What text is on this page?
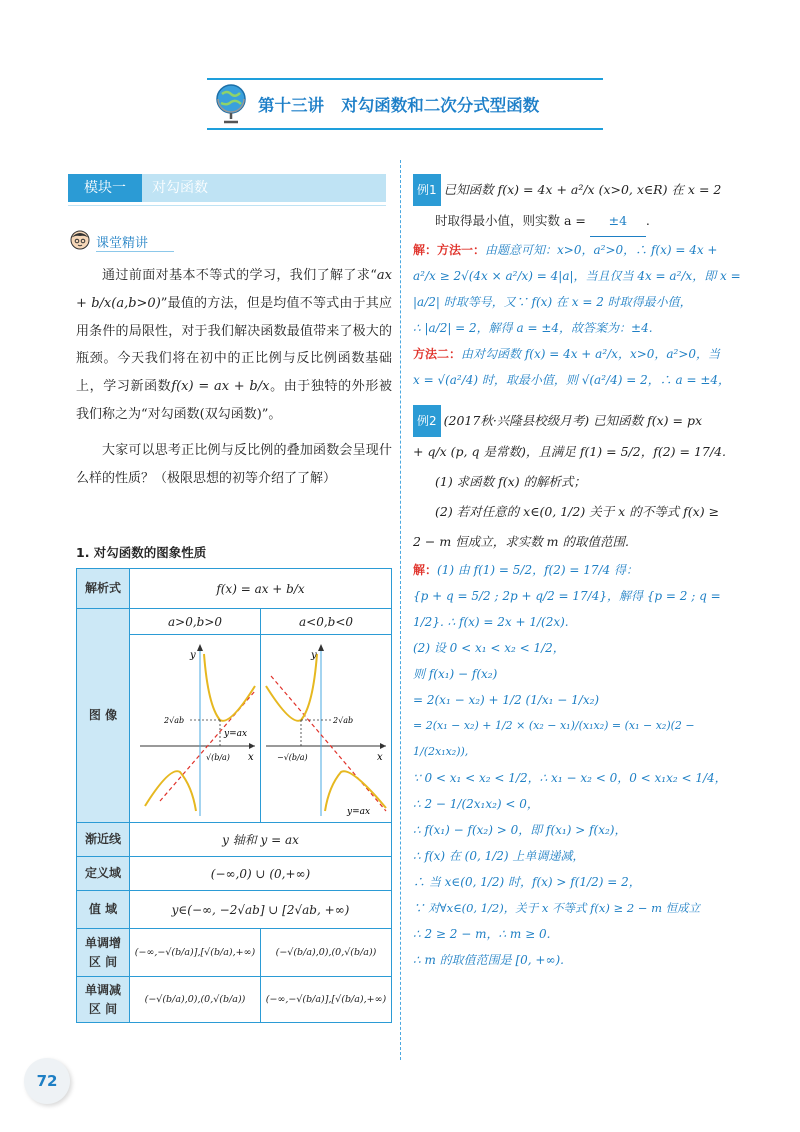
第十三讲   对勾函数和二次分式型函数
模块一	对勾函数
课堂精讲

通过前面对基本不等式的学习，我们了解了求“ax + b/x(a,b>0)”最值的方法，但是均值不等式由于其应用条件的局限性，对于我们解决函数最值带来了极大的瓶颈。今天我们将在初中的正比例与反比例函数基础上，学习新函数f(x) = ax + b/x。由于独特的外形被我们称之为“对勾函数(双勾函数)”。

大家可以思考正比例与反比例的叠加函数会呈现什么样的性质？（极限思想的初等介绍了了解）

1. 对勾函数的图象性质
解析式	f(x) = ax + b/x	
图 像	a>0,b>0	a<0,b<0

y
x
2√ab
y=ax
√(b/a)	y
x
2√ab
y=ax
−√(b/a)

渐近线	y 轴和 y = ax	
定义域	(−∞,0) ∪ (0,+∞)	
值 域	y∈(−∞, −2√ab] ∪ [2√ab, +∞)	
单调增
区 间	(−∞,−√(b/a)],[√(b/a),+∞)	(−√(b/a),0),(0,√(b/a))
单调减
区 间	(−√(b/a),0),(0,√(b/a))	(−∞,−√(b/a)],[√(b/a),+∞)
例1 已知函数 f(x) = 4x + a²/x (x>0, x∈R) 在 x = 2
时取得最小值，则实数 a = ±4 .
解：方法一：由题意可知：x>0，a²>0，∴ f(x) = 4x +
a²/x ≥ 2√(4x × a²/x) = 4|a|，当且仅当 4x = a²/x，即 x =
|a/2| 时取等号，又∵ f(x) 在 x = 2 时取得最小值，
∴ |a/2| = 2，解得 a = ±4，故答案为：±4.
方法二：由对勾函数 f(x) = 4x + a²/x，x>0，a²>0，当
x = √(a²/4) 时，取最小值，则 √(a²/4) = 2，∴ a = ±4，
例2 (2017秋·兴隆县校级月考) 已知函数 f(x) = px
+ q/x (p, q 是常数)，且满足 f(1) = 5/2，f(2) = 17/4.
(1) 求函数 f(x) 的解析式；
(2) 若对任意的 x∈(0, 1/2) 关于 x 的不等式 f(x) ≥
2 − m 恒成立，求实数 m 的取值范围.
解：(1) 由 f(1) = 5/2，f(2) = 17/4 得：
{p + q = 5/2 ; 2p + q/2 = 17/4}，解得 {p = 2 ; q = 1/2}. ∴ f(x) = 2x + 1/(2x).
(2) 设 0 < x₁ < x₂ < 1/2，
则 f(x₁) − f(x₂)
= 2(x₁ − x₂) + 1/2 (1/x₁ − 1/x₂)
= 2(x₁ − x₂) + 1/2 × (x₂ − x₁)/(x₁x₂) = (x₁ − x₂)(2 − 1/(2x₁x₂)),
∵ 0 < x₁ < x₂ < 1/2，∴ x₁ − x₂ < 0，0 < x₁x₂ < 1/4，
∴ 2 − 1/(2x₁x₂) < 0，
∴ f(x₁) − f(x₂) > 0，即 f(x₁) > f(x₂)，
∴ f(x) 在 (0, 1/2) 上单调递减，
∴ 当 x∈(0, 1/2) 时，f(x) > f(1/2) = 2，
∵ 对∀x∈(0, 1/2)，关于 x 不等式 f(x) ≥ 2 − m 恒成立
∴ 2 ≥ 2 − m，∴ m ≥ 0.
∴ m 的取值范围是 [0, +∞).
72
